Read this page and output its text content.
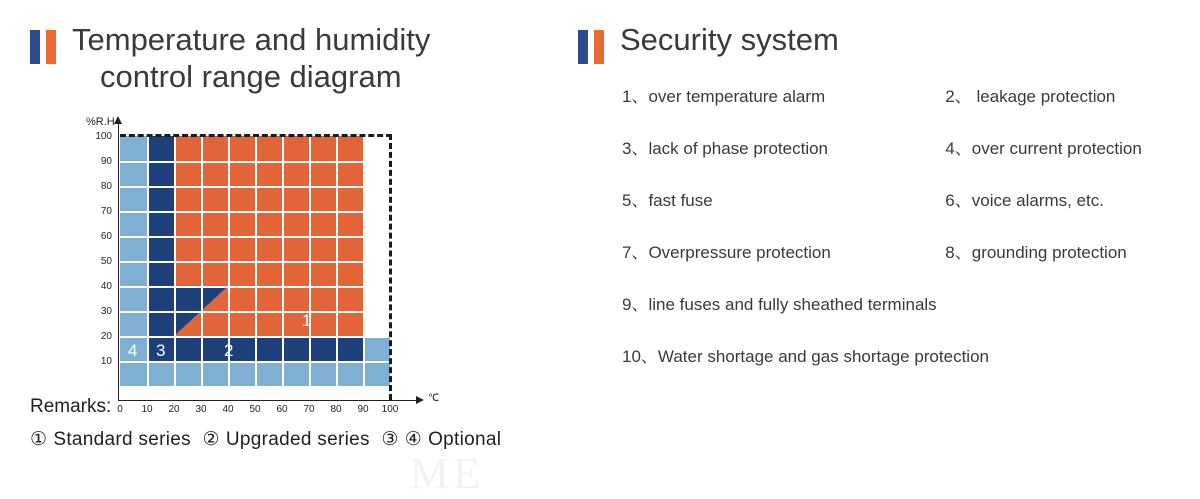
Temperature and humidity
control range diagram
%R.H
℃
100
90
80
70
60
50
40
30
20
10
0	10	20	30	40	50	60	70	80	90	100
1
2
3
4
Remarks:
① Standard series ② Upgraded series ③ ④ Optional
Security system
1、over temperature alarm	2、 leakage protection
3、lack of phase protection	4、over current protection
5、fast fuse	6、voice alarms, etc.
7、Overpressure protection	8、grounding protection
9、line fuses and fully sheathed terminals
10、Water shortage and gas shortage protection
ME
